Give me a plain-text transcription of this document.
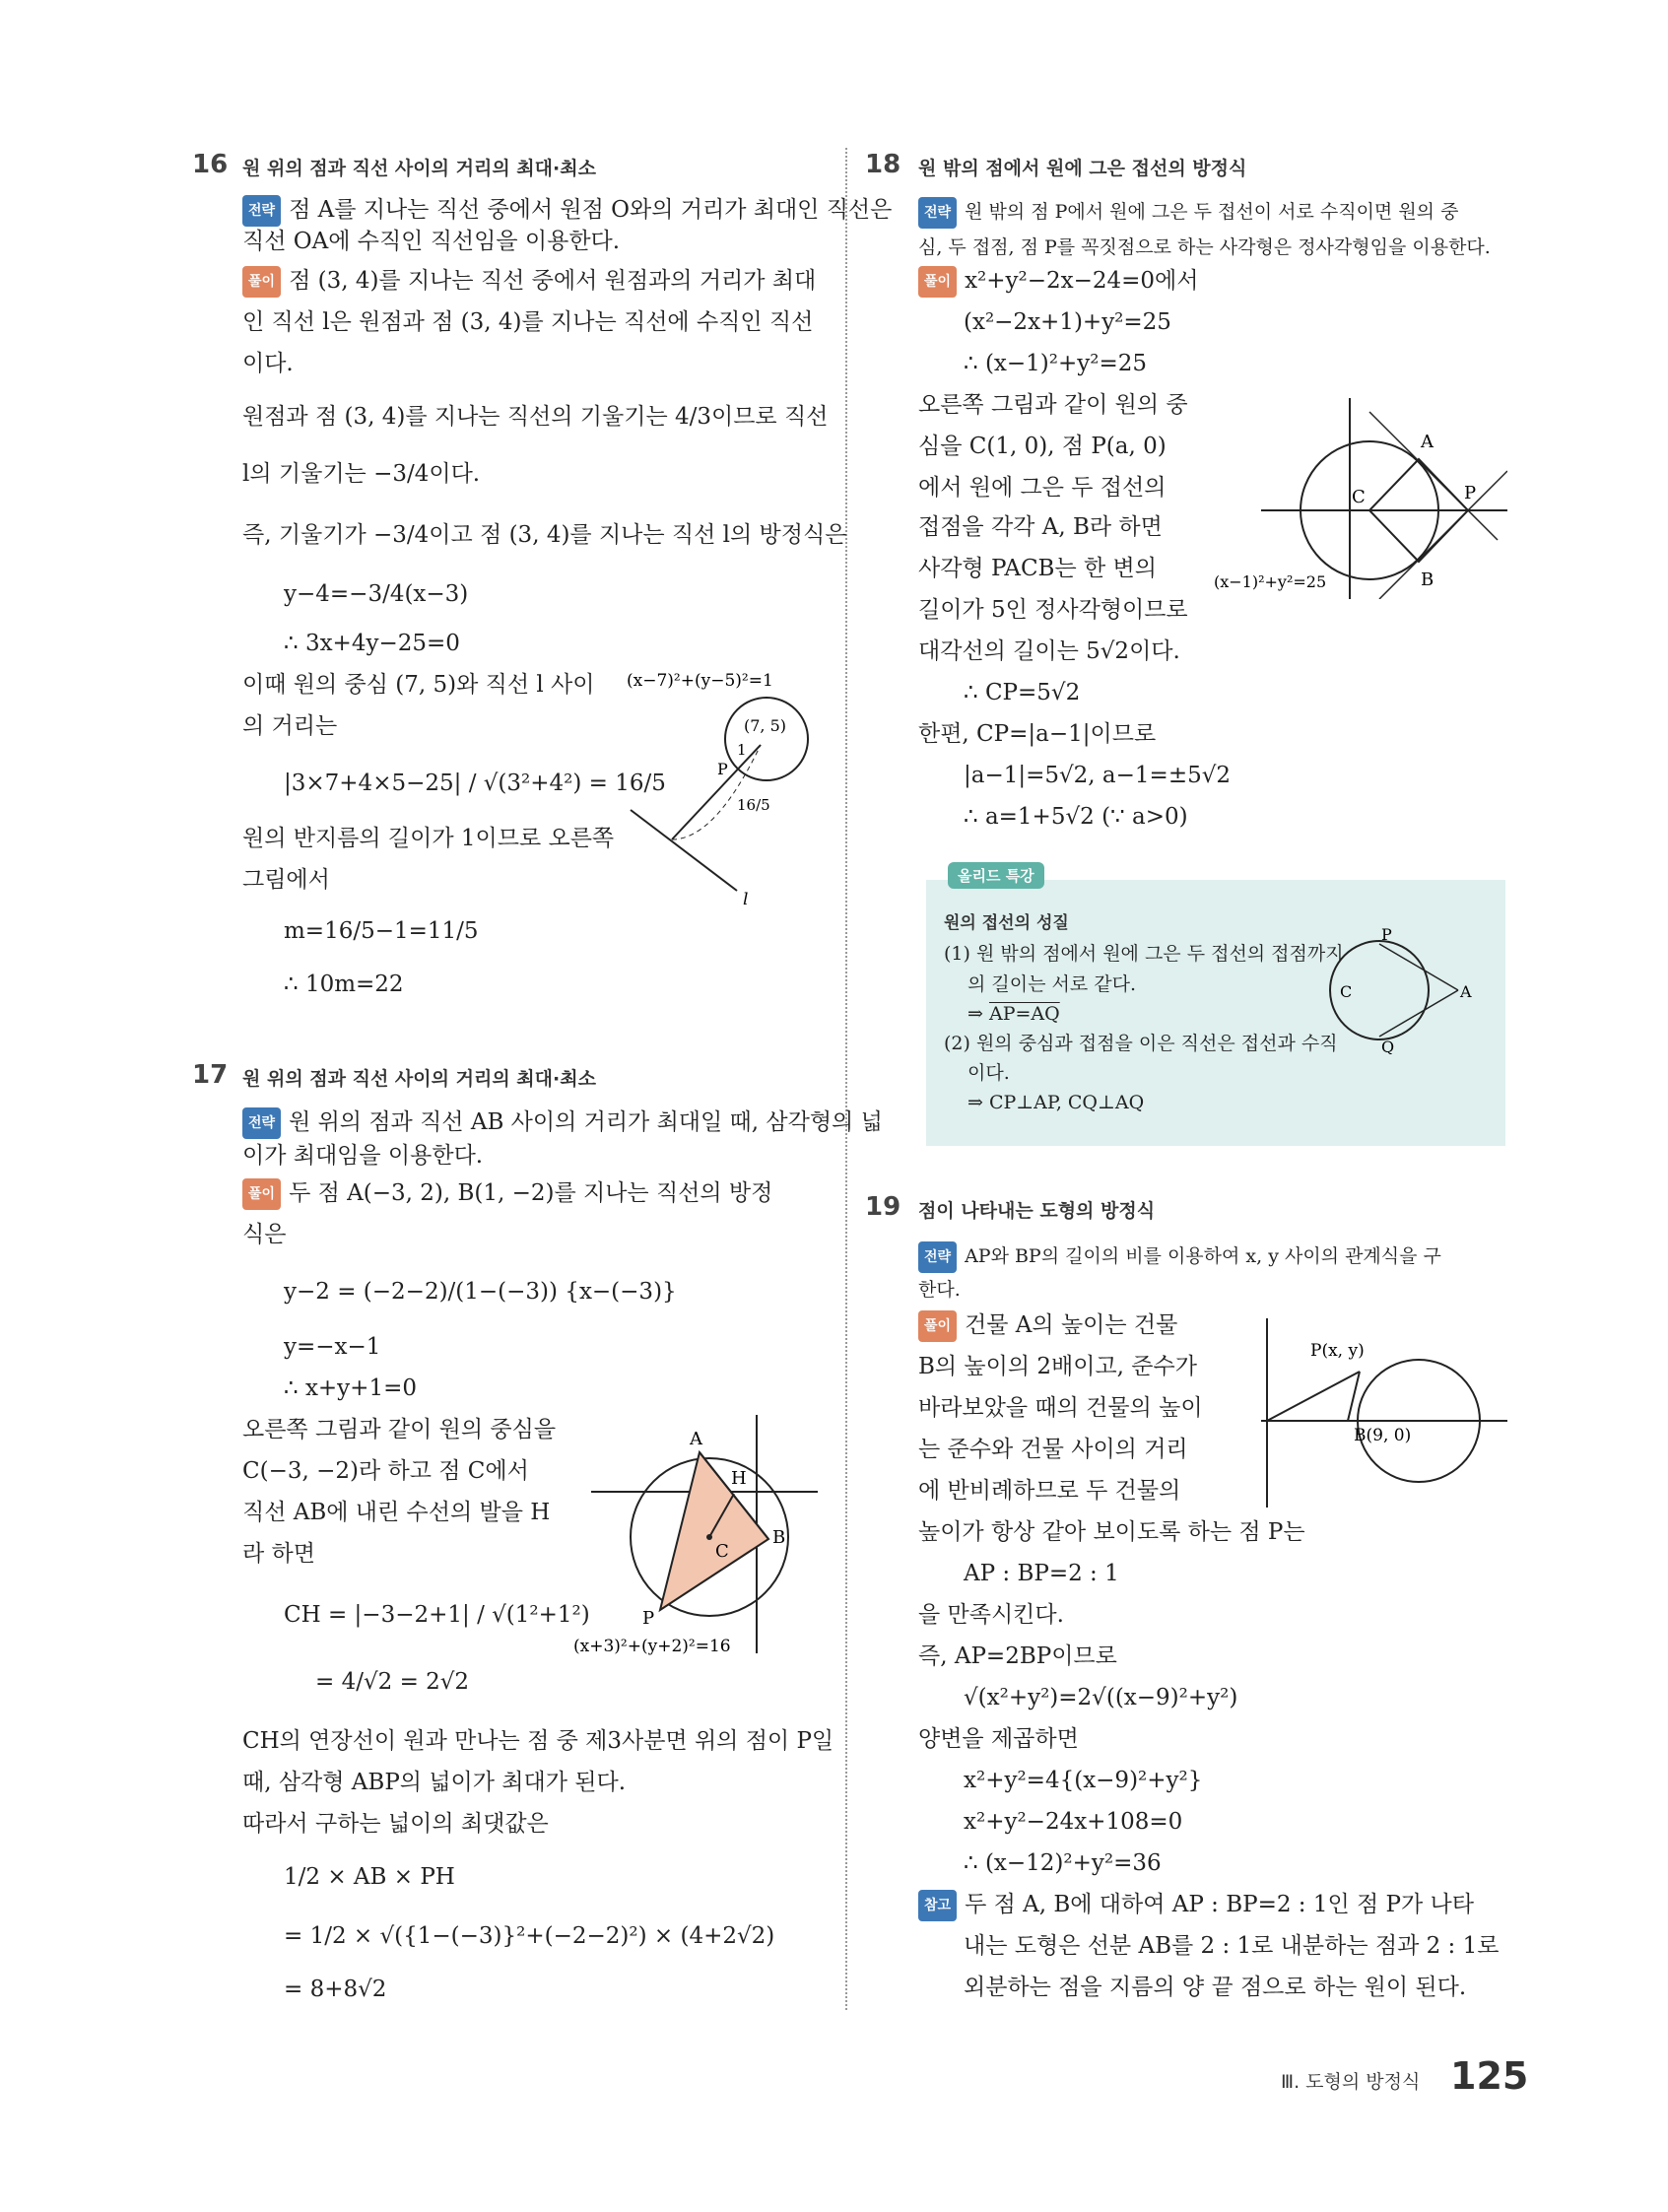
16 원 위의 점과 직선 사이의 거리의 최대·최소
전략 점 A를 지나는 직선 중에서 원점 O와의 거리가 최대인 직선은
직선 OA에 수직인 직선임을 이용한다.
풀이 점 (3, 4)를 지나는 직선 중에서 원점과의 거리가 최대
인 직선 l은 원점과 점 (3, 4)를 지나는 직선에 수직인 직선
이다.
원점과 점 (3, 4)를 지나는 직선의 기울기는 4/3이므로 직선
l의 기울기는 −3/4이다.
즉, 기울기가 −3/4이고 점 (3, 4)를 지나는 직선 l의 방정식은
y−4=−3/4(x−3)
∴ 3x+4y−25=0
이때 원의 중심 (7, 5)와 직선 l 사이
의 거리는
|3×7+4×5−25| / √(3²+4²) = 16/5
원의 반지름의 길이가 1이므로 오른쪽
그림에서
m=16/5−1=11/5
∴ 10m=22
(x−7)²+(y−5)²=1
(7, 5)
1
P
16/5
l
17 원 위의 점과 직선 사이의 거리의 최대·최소
전략 원 위의 점과 직선 AB 사이의 거리가 최대일 때, 삼각형의 넓
이가 최대임을 이용한다.
풀이 두 점 A(−3, 2), B(1, −2)를 지나는 직선의 방정
식은
y−2 = (−2−2)/(1−(−3)) {x−(−3)}
y=−x−1
∴ x+y+1=0
오른쪽 그림과 같이 원의 중심을
C(−3, −2)라 하고 점 C에서
직선 AB에 내린 수선의 발을 H
라 하면
CH = |−3−2+1| / √(1²+1²)
= 4/√2 = 2√2
CH의 연장선이 원과 만나는 점 중 제3사분면 위의 점이 P일
때, 삼각형 ABP의 넓이가 최대가 된다.
따라서 구하는 넓이의 최댓값은
1/2 × AB × PH
= 1/2 × √({1−(−3)}²+(−2−2)²) × (4+2√2)
= 8+8√2
A
B
C
H
P
(x+3)²+(y+2)²=16
18 원 밖의 점에서 원에 그은 접선의 방정식
전략 원 밖의 점 P에서 원에 그은 두 접선이 서로 수직이면 원의 중
심, 두 접점, 점 P를 꼭짓점으로 하는 사각형은 정사각형임을 이용한다.
풀이 x²+y²−2x−24=0에서
(x²−2x+1)+y²=25
∴ (x−1)²+y²=25
오른쪽 그림과 같이 원의 중
심을 C(1, 0), 점 P(a, 0)
에서 원에 그은 두 접선의
접점을 각각 A, B라 하면
사각형 PACB는 한 변의
길이가 5인 정사각형이므로
대각선의 길이는 5√2이다.
∴ CP=5√2
한편, CP=|a−1|이므로
|a−1|=5√2, a−1=±5√2
∴ a=1+5√2 (∵ a>0)
A
B
P
C
(x−1)²+y²=25
올리드 특강
원의 접선의 성질
(1) 원 밖의 점에서 원에 그은 두 접선의 접점까지
의 길이는 서로 같다.
⇒ AP=AQ
(2) 원의 중심과 접점을 이은 직선은 접선과 수직
이다.
⇒ CP⊥AP, CQ⊥AQ
P
Q
C	A
19 점이 나타내는 도형의 방정식
전략 AP와 BP의 길이의 비를 이용하여 x, y 사이의 관계식을 구
한다.
풀이 건물 A의 높이는 건물
B의 높이의 2배이고, 준수가
바라보았을 때의 건물의 높이
는 준수와 건물 사이의 거리
에 반비례하므로 두 건물의
높이가 항상 같아 보이도록 하는 점 P는
AP : BP=2 : 1
을 만족시킨다.
즉, AP=2BP이므로
√(x²+y²)=2√((x−9)²+y²)
양변을 제곱하면
x²+y²=4{(x−9)²+y²}
x²+y²−24x+108=0
∴ (x−12)²+y²=36
참고 두 점 A, B에 대하여 AP : BP=2 : 1인 점 P가 나타
내는 도형은 선분 AB를 2 : 1로 내분하는 점과 2 : 1로
외분하는 점을 지름의 양 끝 점으로 하는 원이 된다.
P(x, y)
B(9, 0)
Ⅲ. 도형의 방정식 125
